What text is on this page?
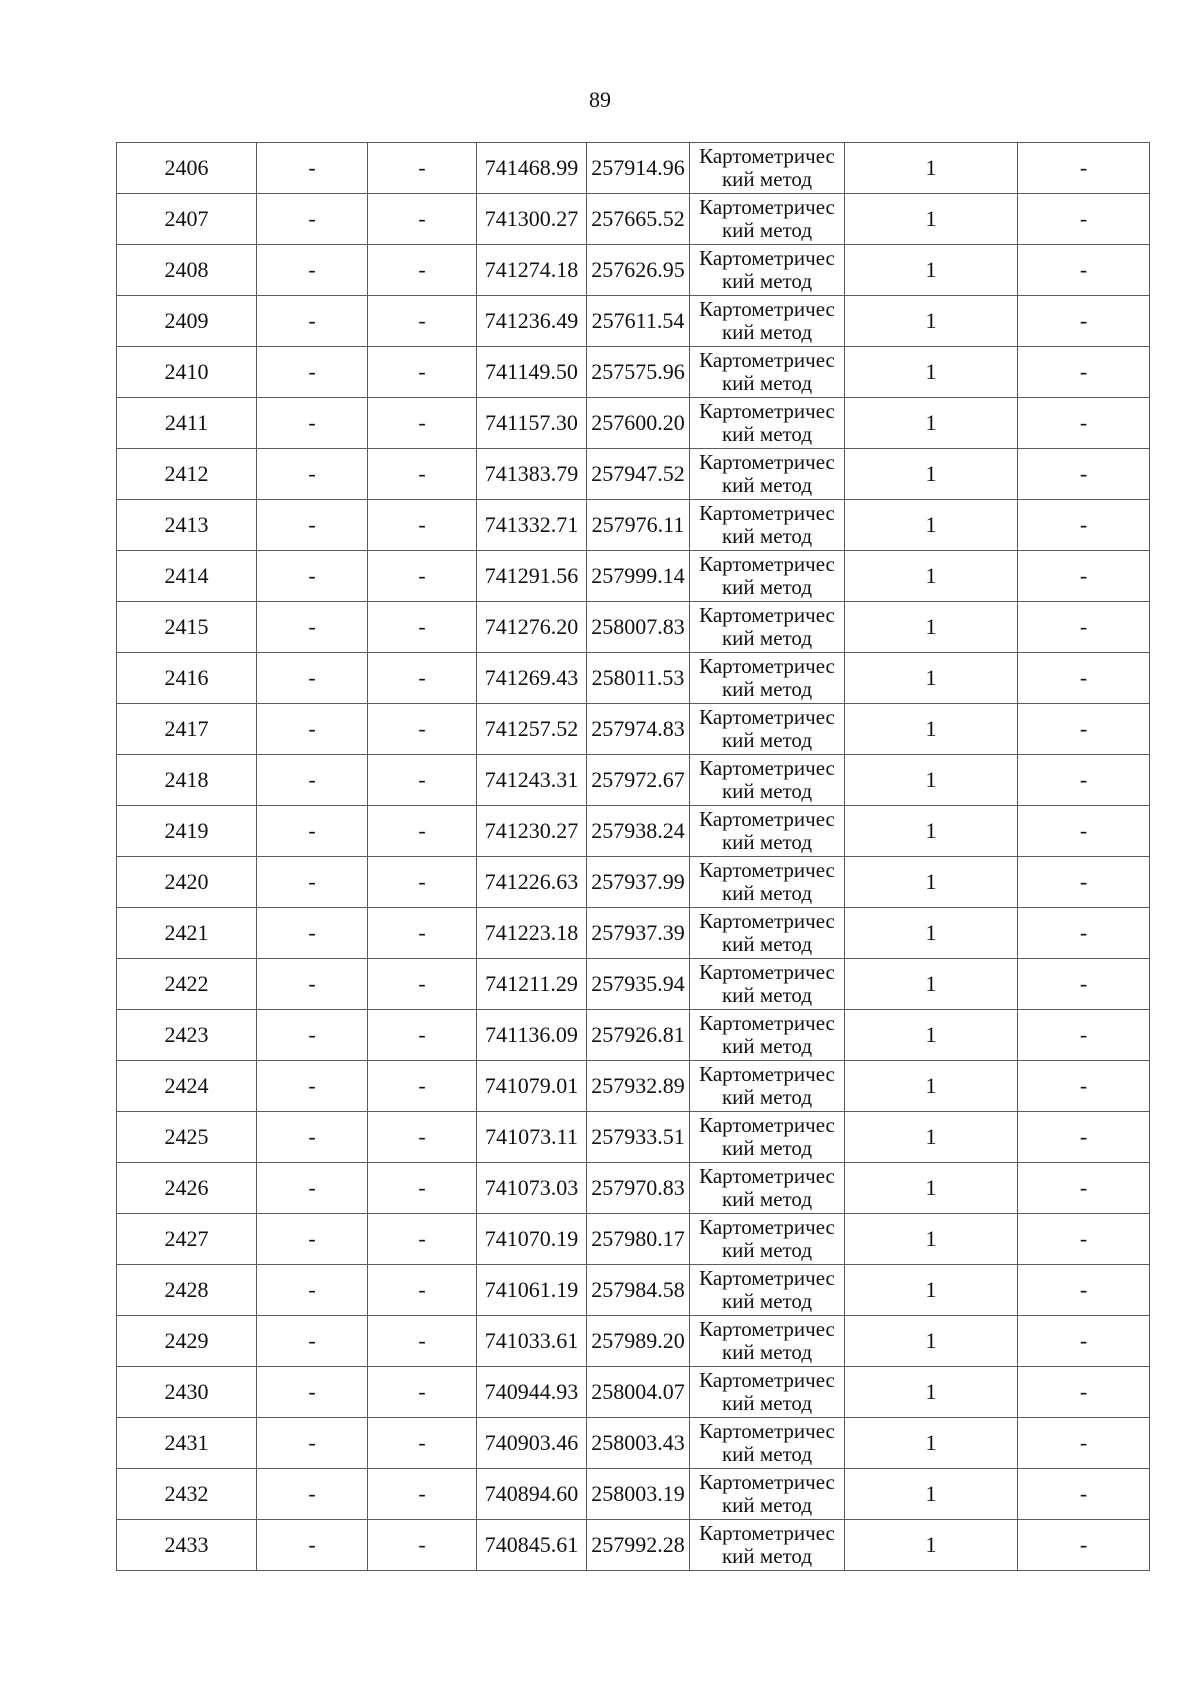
89
2406	-	-	741468.99	257914.96	Картометричес
кий метод	1	-
2407	-	-	741300.27	257665.52	Картометричес
кий метод	1	-
2408	-	-	741274.18	257626.95	Картометричес
кий метод	1	-
2409	-	-	741236.49	257611.54	Картометричес
кий метод	1	-
2410	-	-	741149.50	257575.96	Картометричес
кий метод	1	-
2411	-	-	741157.30	257600.20	Картометричес
кий метод	1	-
2412	-	-	741383.79	257947.52	Картометричес
кий метод	1	-
2413	-	-	741332.71	257976.11	Картометричес
кий метод	1	-
2414	-	-	741291.56	257999.14	Картометричес
кий метод	1	-
2415	-	-	741276.20	258007.83	Картометричес
кий метод	1	-
2416	-	-	741269.43	258011.53	Картометричес
кий метод	1	-
2417	-	-	741257.52	257974.83	Картометричес
кий метод	1	-
2418	-	-	741243.31	257972.67	Картометричес
кий метод	1	-
2419	-	-	741230.27	257938.24	Картометричес
кий метод	1	-
2420	-	-	741226.63	257937.99	Картометричес
кий метод	1	-
2421	-	-	741223.18	257937.39	Картометричес
кий метод	1	-
2422	-	-	741211.29	257935.94	Картометричес
кий метод	1	-
2423	-	-	741136.09	257926.81	Картометричес
кий метод	1	-
2424	-	-	741079.01	257932.89	Картометричес
кий метод	1	-
2425	-	-	741073.11	257933.51	Картометричес
кий метод	1	-
2426	-	-	741073.03	257970.83	Картометричес
кий метод	1	-
2427	-	-	741070.19	257980.17	Картометричес
кий метод	1	-
2428	-	-	741061.19	257984.58	Картометричес
кий метод	1	-
2429	-	-	741033.61	257989.20	Картометричес
кий метод	1	-
2430	-	-	740944.93	258004.07	Картометричес
кий метод	1	-
2431	-	-	740903.46	258003.43	Картометричес
кий метод	1	-
2432	-	-	740894.60	258003.19	Картометричес
кий метод	1	-
2433	-	-	740845.61	257992.28	Картометричес
кий метод	1	-
